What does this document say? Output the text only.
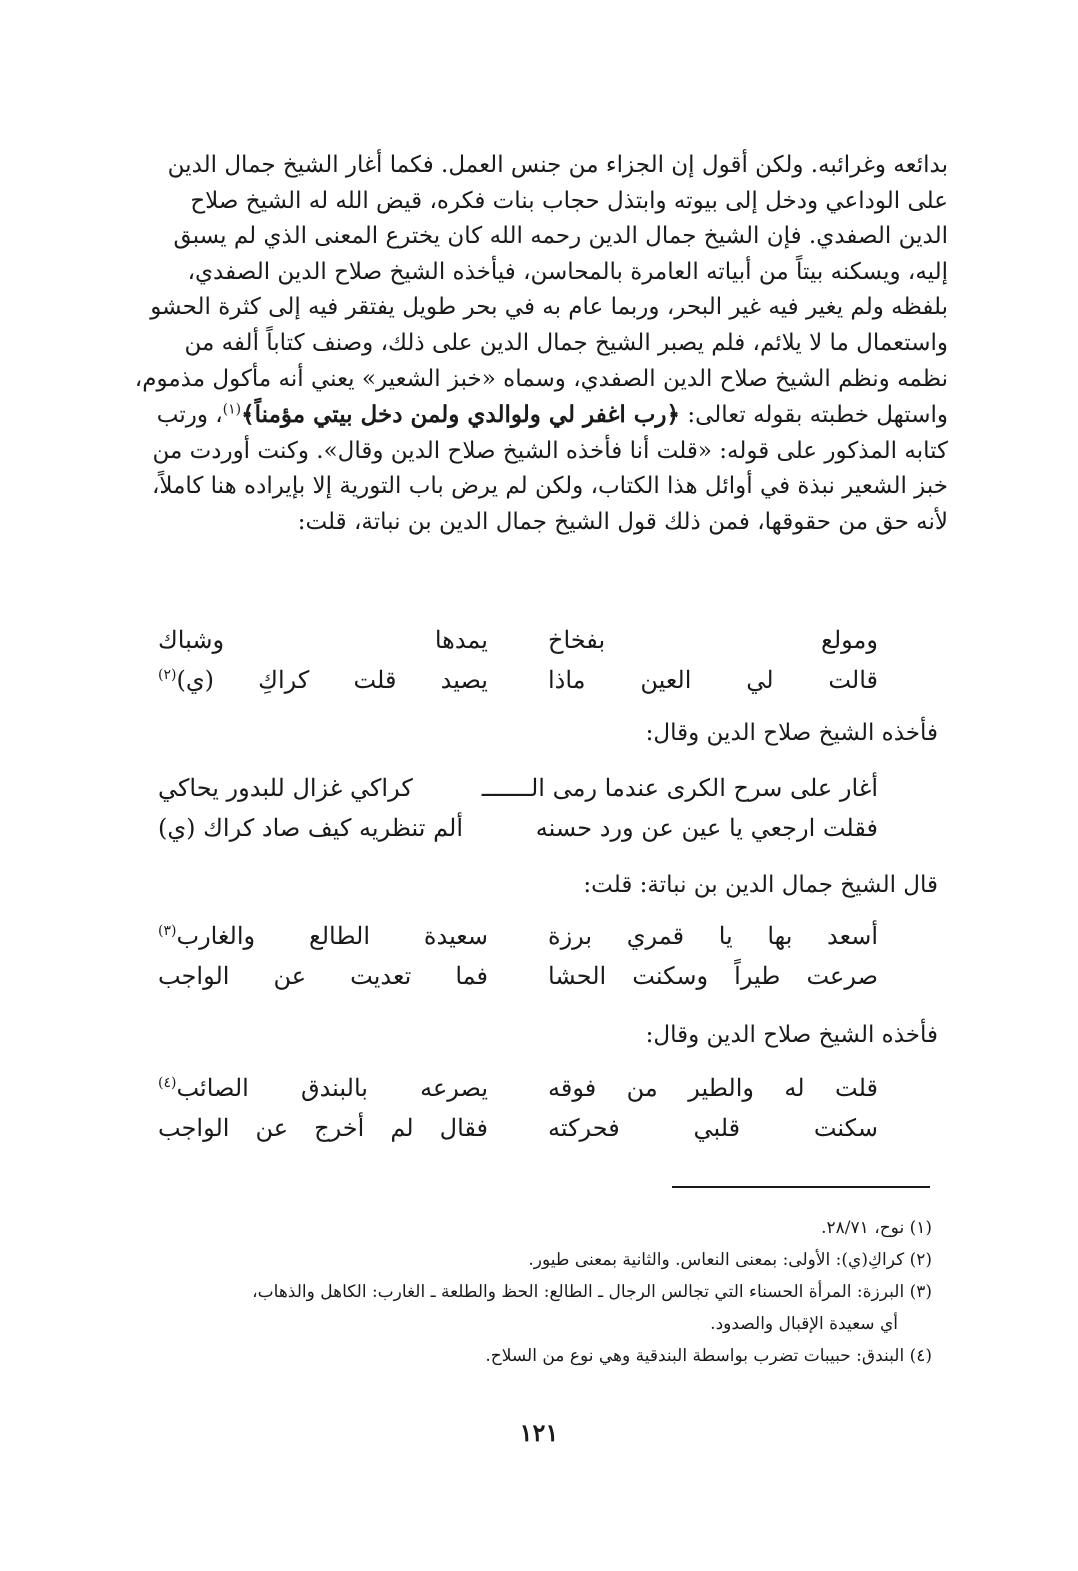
بدائعه وغرائبه. ولكن أقول إن الجزاء من جنس العمل. فكما أغار الشيخ جمال الدين

على الوداعي ودخل إلى بيوته وابتذل حجاب بنات فكره، قيض الله له الشيخ صلاح

الدين الصفدي. فإن الشيخ جمال الدين رحمه الله كان يخترع المعنى الذي لم يسبق

إليه، ويسكنه بيتاً من أبياته العامرة بالمحاسن، فيأخذه الشيخ صلاح الدين الصفدي،

بلفظه ولم يغير فيه غير البحر، وربما عام به في بحر طويل يفتقر فيه إلى كثرة الحشو

واستعمال ما لا يلائم، فلم يصبر الشيخ جمال الدين على ذلك، وصنف كتاباً ألفه من

نظمه ونظم الشيخ صلاح الدين الصفدي، وسماه «خبز الشعير» يعني أنه مأكول مذموم،

واستهل خطبته بقوله تعالى: ﴿رب اغفر لي ولوالدي ولمن دخل بيتي مؤمناً﴾$^{(١)}$، ورتب

كتابه المذكور على قوله: «قلت أنا فأخذه الشيخ صلاح الدين وقال». وكنت أوردت من

خبز الشعير نبذة في أوائل هذا الكتاب، ولكن لم يرض باب التورية إلا بإيراده هنا كاملاً،

لأنه حق من حقوقها، فمن ذلك قول الشيخ جمال الدين بن نباتة، قلت:

ومولع بفخاخ
يمدها وشباك
قالت لي العين ماذا
يصيد قلت كراكِ (ي)$^{(٢)}$
فأخذه الشيخ صلاح الدين وقال:
أغار على سرح الكرى عندما رمى الـــــــ
كراكي غزال للبدور يحاكي
فقلت ارجعي يا عين عن ورد حسنه
ألم تنظريه كيف صاد كراك (ي)
قال الشيخ جمال الدين بن نباتة: قلت:
أسعد بها يا قمري برزة
سعيدة الطالع والغارب$^{(٣)}$
صرعت طيراً وسكنت الحشا
فما تعديت عن الواجب
فأخذه الشيخ صلاح الدين وقال:
قلت له والطير من فوقه
يصرعه بالبندق الصائب$^{(٤)}$
سكنت قلبي فحركته
فقال لم أخرج عن الواجب

(١) نوح، ٢٨/٧١.

(٢) كراكِ(ي): الأولى: بمعنى النعاس. والثانية بمعنى طيور.

(٣) البرزة: المرأة الحسناء التي تجالس الرجال ـ الطالع: الحظ والطلعة ـ الغارب: الكاهل والذهاب،

أي سعيدة الإقبال والصدود.

(٤) البندق: حبيبات تضرب بواسطة البندقية وهي نوع من السلاح.

١٢١
